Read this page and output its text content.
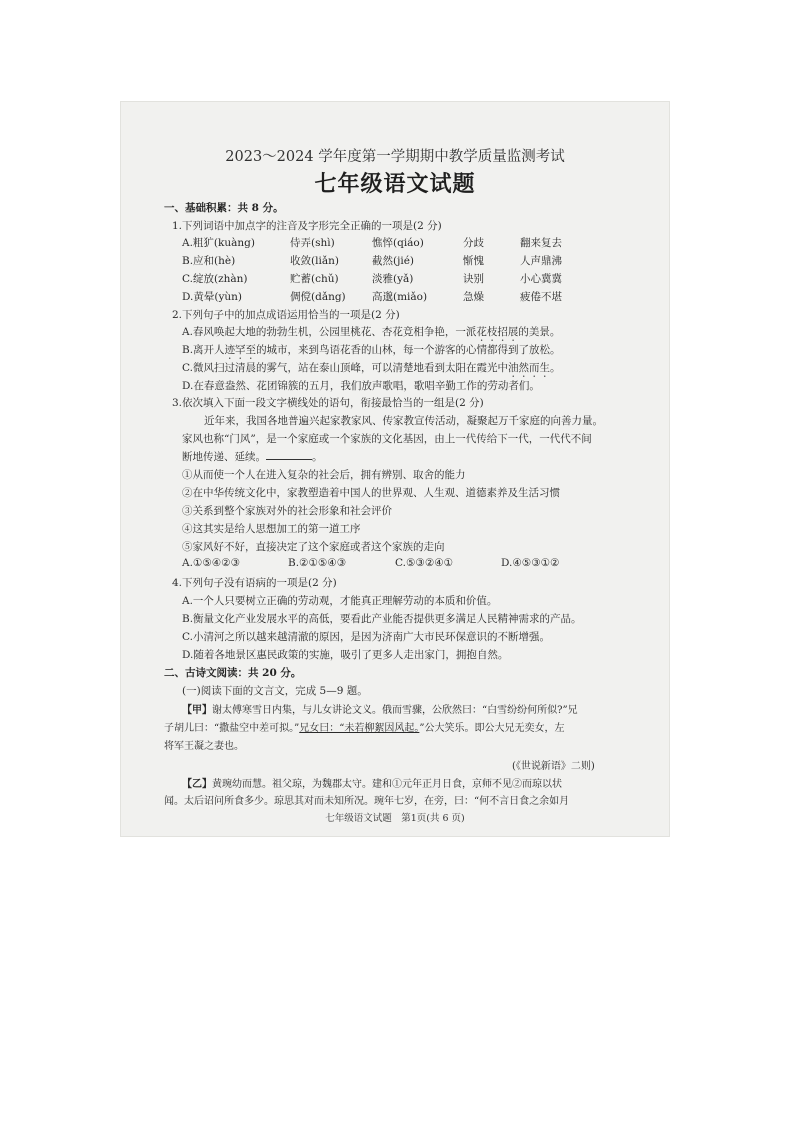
2023～2024 学年度第一学期期中教学质量监测考试
七年级语文试题
一、基础积累：共 8 分。
1.下列词语中加点字的注音及字形完全正确的一项是(2 分)
A.粗犷(kuàng)	侍弄(shì)	憔悴(qiáo)	分歧	翻来复去
B.应和(hè)	收敛(liǎn)	截然(jié)	惭愧	人声鼎沸
C.绽放(zhàn)	贮蓄(chǔ)	淡雅(yǎ)	诀别	小心冀冀
D.黄晕(yùn)	倜傥(dǎng)	高邈(miǎo)	急燥	疲倦不堪
2.下列句子中的加点成语运用恰当的一项是(2 分)
A.春风唤起大地的勃勃生机，公园里桃花、杏花竞相争艳，一派花枝招展的美景。
B.离开人迹罕至的城市，来到鸟语花香的山林，每一个游客的心情都得到了放松。
C.微风扫过清晨的雾气，站在泰山顶峰，可以清楚地看到太阳在霞光中油然而生。
D.在春意盎然、花团锦簇的五月，我们放声歌唱，歌唱辛勤工作的劳动者们。
3.依次填入下面一段文字横线处的语句，衔接最恰当的一组是(2 分)
近年来，我国各地普遍兴起家教家风、传家教宣传活动，凝聚起万千家庭的向善力量。
家风也称“门风”，是一个家庭或一个家族的文化基因，由上一代传给下一代，一代代不间
断地传递、延续。	。
①从而使一个人在进入复杂的社会后，拥有辨别、取舍的能力
②在中华传统文化中，家教塑造着中国人的世界观、人生观、道德素养及生活习惯
③关系到整个家族对外的社会形象和社会评价
④这其实是给人思想加工的第一道工序
⑤家风好不好，直接决定了这个家庭或者这个家族的走向
A.①⑤④②③	B.②①⑤④③	C.⑤③②④①	D.④⑤③①②
4.下列句子没有语病的一项是(2 分)
A.一个人只要树立正确的劳动观，才能真正理解劳动的本质和价值。
B.衡量文化产业发展水平的高低，要看此产业能否提供更多满足人民精神需求的产品。
C.小清河之所以越来越清澈的原因，是因为济南广大市民环保意识的不断增强。
D.随着各地景区惠民政策的实施，吸引了更多人走出家门，拥抱自然。
二、古诗文阅读：共 20 分。
(一)阅读下面的文言文，完成 5—9 题。
【甲】谢太傅寒雪日内集，与儿女讲论文义。俄而雪骤，公欣然曰：“白雪纷纷何所似?”兄
子胡儿曰：“撒盐空中差可拟。”兄女曰：“未若柳絮因风起。”公大笑乐。即公大兄无奕女，左
将军王凝之妻也。
(《世说新语》二则)
【乙】黄琬幼而慧。祖父琼，为魏郡太守。建和①元年正月日食，京师不见②而琼以状
闻。太后诏问所食多少。琼思其对而未知所况。琬年七岁，在旁，曰：“何不言日食之余如月
七年级语文试题　第1页(共 6 页)
